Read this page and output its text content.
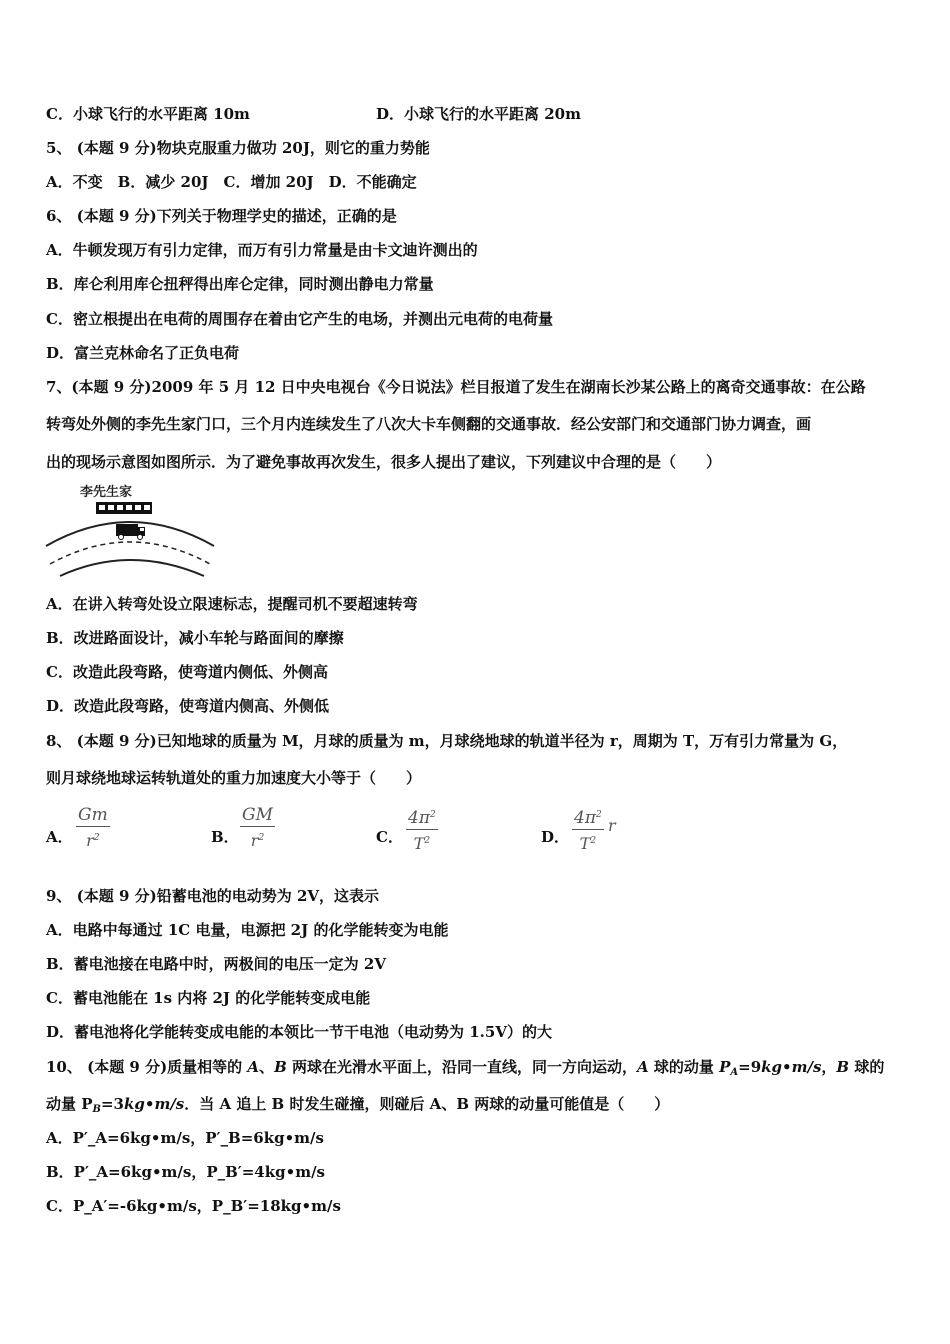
C．小球飞行的水平距离 10m	D．小球飞行的水平距离 20m
5、 (本题 9 分)物块克服重力做功 20J，则它的重力势能
A．不变　B．减少 20J　C．增加 20J　D．不能确定
6、 (本题 9 分)下列关于物理学史的描述，正确的是
A．牛顿发现万有引力定律，而万有引力常量是由卡文迪许测出的
B．库仑利用库仑扭秤得出库仑定律，同时测出静电力常量
C．密立根提出在电荷的周围存在着由它产生的电场，并测出元电荷的电荷量
D．富兰克林命名了正负电荷
7、(本题 9 分)2009 年 5 月 12 日中央电视台《今日说法》栏目报道了发生在湖南长沙某公路上的离奇交通事故：在公路
转弯处外侧的李先生家门口，三个月内连续发生了八次大卡车侧翻的交通事故．经公安部门和交通部门协力调查，画
出的现场示意图如图所示．为了避免事故再次发生，很多人提出了建议，下列建议中合理的是（　　）
李先生家
A．在讲入转弯处设立限速标志，提醒司机不要超速转弯
B．改进路面设计，减小车轮与路面间的摩擦
C．改造此段弯路，使弯道内侧低、外侧高
D．改造此段弯路，使弯道内侧高、外侧低
8、 (本题 9 分)已知地球的质量为 M，月球的质量为 m，月球绕地球的轨道半径为 r，周期为 T，万有引力常量为 G，
则月球绕地球运转轨道处的重力加速度大小等于（　　）
A． $\frac{Gm}{r^2}$	B． $\frac{GM}{r^2}$	C． $\frac{4\pi^2}{T^2}$	D． $\frac{4\pi^2}{T^2}$ r
9、 (本题 9 分)铅蓄电池的电动势为 2V，这表示
A．电路中每通过 1C 电量，电源把 2J 的化学能转变为电能
B．蓄电池接在电路中时，两极间的电压一定为 2V
C．蓄电池能在 1s 内将 2J 的化学能转变成电能
D．蓄电池将化学能转变成电能的本领比一节干电池（电动势为 1.5V）的大
10、 (本题 9 分)质量相等的 A、B 两球在光滑水平面上，沿同一直线，同一方向运动，A 球的动量 $P_A=9kg•m/s$，B 球的
动量 $P_B=3kg•m/s$．当 A 追上 B 时发生碰撞，则碰后 A、B 两球的动量可能值是（　　）
A．P′_A=6kg•m/s，P′_B=6kg•m/s
B．P′_A=6kg•m/s，P_B′=4kg•m/s
C．P_A′=-6kg•m/s，P_B′=18kg•m/s
